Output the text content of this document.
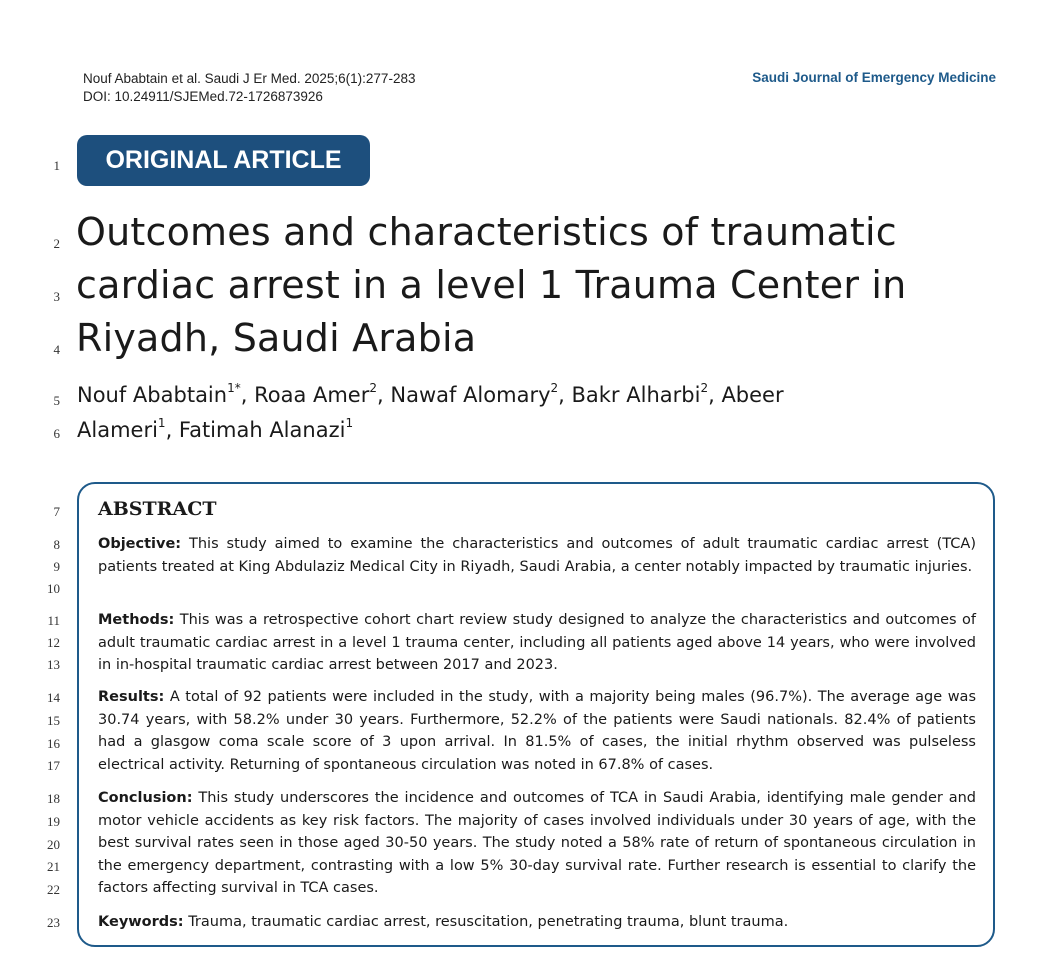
Nouf Ababtain et al. Saudi J Er Med. 2025;6(1):277-283
DOI: 10.24911/SJEMed.72-1726873926
Saudi Journal of Emergency Medicine
1
2
3
4
5
6
7
8
9
10
11
12
13
14
15
16
17
18
19
20
21
22
23
ORIGINAL ARTICLE
Outcomes and characteristics of traumatic
cardiac arrest in a level 1 Trauma Center in
Riyadh, Saudi Arabia
Nouf Ababtain$^{1*}$, Roaa Amer$^2$, Nawaf Alomary$^2$, Bakr Alharbi$^2$, Abeer
Alameri$^1$, Fatimah Alanazi$^1$
ABSTRACT
Objective: This study aimed to examine the characteristics and outcomes of adult traumatic cardiac arrest (TCA) patients treated at King Abdulaziz Medical City in Riyadh, Saudi Arabia, a center notably impacted by traumatic injuries.
Methods: This was a retrospective cohort chart review study designed to analyze the characteristics and outcomes of adult traumatic cardiac arrest in a level 1 trauma center, including all patients aged above 14 years, who were involved in in-hospital traumatic cardiac arrest between 2017 and 2023.
Results: A total of 92 patients were included in the study, with a majority being males (96.7%). The average age was 30.74 years, with 58.2% under 30 years. Furthermore, 52.2% of the patients were Saudi nationals. 82.4% of patients had a glasgow coma scale score of 3 upon arrival. In 81.5% of cases, the initial rhythm observed was pulseless electrical activity. Returning of spontaneous circulation was noted in 67.8% of cases.
Conclusion: This study underscores the incidence and outcomes of TCA in Saudi Arabia, identifying male gender and motor vehicle accidents as key risk factors. The majority of cases involved individuals under 30 years of age, with the best survival rates seen in those aged 30-50 years. The study noted a 58% rate of return of spontaneous circulation in the emergency department, contrasting with a low 5% 30-day survival rate. Further research is essential to clarify the factors affecting survival in TCA cases.
Keywords: Trauma, traumatic cardiac arrest, resuscitation, penetrating trauma, blunt trauma.
